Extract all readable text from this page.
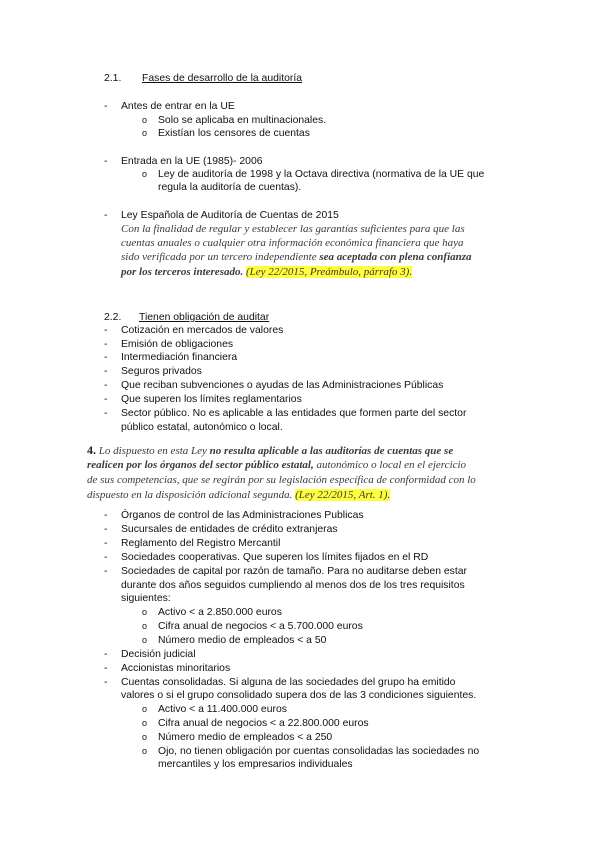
2.1. Fases de desarrollo de la auditoría
- Antes de entrar en la UE
o Solo se aplicaba en multinacionales.
o Existían los censores de cuentas
- Entrada en la UE (1985)- 2006
o Ley de auditoría de 1998 y la Octava directiva (normativa de la UE que
regula la auditoría de cuentas).
- Ley Española de Auditoría de Cuentas de 2015
Con la finalidad de regular y establecer las garantías suficientes para que las
cuentas anuales o cualquier otra información económica financiera que haya
sido verificada por un tercero independiente sea aceptada con plena confianza
por los terceros interesado. (Ley 22/2015, Preámbulo, párrafo 3).
2.2. Tienen obligación de auditar
- Cotización en mercados de valores
- Emisión de obligaciones
- Intermediación financiera
- Seguros privados
- Que reciban subvenciones o ayudas de las Administraciones Públicas
- Que superen los límites reglamentarios
- Sector público. No es aplicable a las entidades que formen parte del sector
público estatal, autonómico o local.
4. Lo dispuesto en esta Ley no resulta aplicable a las auditorías de cuentas que se
realicen por los órganos del sector público estatal, autonómico o local en el ejercicio
de sus competencias, que se regirán por su legislación específica de conformidad con lo
dispuesto en la disposición adicional segunda. (Ley 22/2015, Art. 1).
- Órganos de control de las Administraciones Publicas
- Sucursales de entidades de crédito extranjeras
- Reglamento del Registro Mercantil
- Sociedades cooperativas. Que superen los límites fijados en el RD
- Sociedades de capital por razón de tamaño. Para no auditarse deben estar
durante dos años seguidos cumpliendo al menos dos de los tres requisitos
siguientes:
o Activo < a 2.850.000 euros
o Cifra anual de negocios < a 5.700.000 euros
o Número medio de empleados < a 50
- Decisión judicial
- Accionistas minoritarios
- Cuentas consolidadas. Si alguna de las sociedades del grupo ha emitido
valores o si el grupo consolidado supera dos de las 3 condiciones siguientes.
o Activo < a 11.400.000 euros
o Cifra anual de negocios < a 22.800.000 euros
o Número medio de empleados < a 250
o Ojo, no tienen obligación por cuentas consolidadas las sociedades no
mercantiles y los empresarios individuales
